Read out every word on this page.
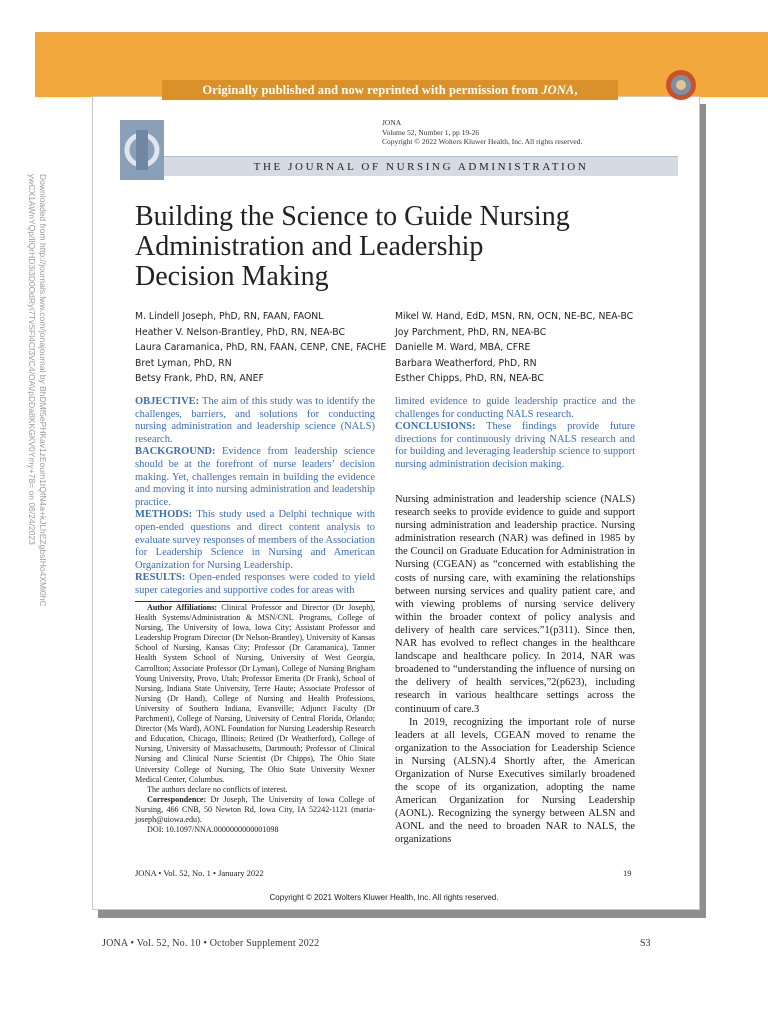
Originally published and now reprinted with permission from JONA, 2022;52(1):19-26.
JONA
Volume 52, Number 1, pp 19-26
Copyright © 2022 Wolters Kluwer Health, Inc. All rights reserved.
THE JOURNAL OF NURSING ADMINISTRATION
Downloaded from http://journals.lww.com/jonajournal by BhDMf5ePHKav1zEoum1tQfN4a+kJLhEZgbsIHo4XMi0hC
ywCX1AWnYQp/IlQrHD3i3D0OdRyi7TvSFl4Cf3VC4/OAVpDDa8KKGKV0Ymy+78= on 08/24/2023	Building the Science to Guide Nursing
Administration and Leadership
Decision Making
M. Lindell Joseph, PhD, RN, FAAN, FAONL
Heather V. Nelson-Brantley, PhD, RN, NEA-BC
Laura Caramanica, PhD, RN, FAAN, CENP, CNE, FACHE
Bret Lyman, PhD, RN
Betsy Frank, PhD, RN, ANEF
Mikel W. Hand, EdD, MSN, RN, OCN, NE-BC, NEA-BC
Joy Parchment, PhD, RN, NEA-BC
Danielle M. Ward, MBA, CFRE
Barbara Weatherford, PhD, RN
Esther Chipps, PhD, RN, NEA-BC
OBJECTIVE: The aim of this study was to identify the challenges, barriers, and solutions for conducting nursing administration and leadership science (NALS) research.
BACKGROUND: Evidence from leadership science should be at the forefront of nurse leaders’ decision making. Yet, challenges remain in building the evidence and moving it into nursing administration and leadership practice.
METHODS: This study used a Delphi technique with open-ended questions and direct content analysis to evaluate survey responses of members of the Association for Leadership Science in Nursing and American Organization for Nursing Leadership.
RESULTS: Open-ended responses were coded to yield super categories and supportive codes for areas with
limited evidence to guide leadership practice and the challenges for conducting NALS research.
CONCLUSIONS: These findings provide future directions for continuously driving NALS research and for building and leveraging leadership science to support nursing administration decision making.

Nursing administration and leadership science (NALS) research seeks to provide evidence to guide and support nursing administration and leadership practice. Nursing administration research (NAR) was defined in 1985 by the Council on Graduate Education for Administration in Nursing (CGEAN) as “concerned with establishing the costs of nursing care, with examining the relationships between nursing services and quality patient care, and with viewing problems of nursing service delivery within the broader context of policy analysis and delivery of health care services.”1(p311). Since then, NAR has evolved to reflect changes in the healthcare landscape and healthcare policy. In 2014, NAR was broadened to “understanding the influence of nursing on the delivery of health services,”2(p623), including research in various healthcare settings across the continuum of care.3

In 2019, recognizing the important role of nurse leaders at all levels, CGEAN moved to rename the organization to the Association for Leadership Science in Nursing (ALSN).4 Shortly after, the American Organization of Nurse Executives similarly broadened the scope of its organization, adopting the name American Organization for Nursing Leadership (AONL). Recognizing the synergy between ALSN and AONL and the need to broaden NAR to NALS, the organizations

Author Affiliations: Clinical Professor and Director (Dr Joseph), Health Systems/Administration & MSN/CNL Programs, College of Nursing, The University of Iowa, Iowa City; Assistant Professor and Leadership Program Director (Dr Nelson-Brantley), University of Kansas School of Nursing, Kansas City; Professor (Dr Caramanica), Tanner Health System School of Nursing, University of West Georgia, Carrollton; Associate Professor (Dr Lyman), College of Nursing Brigham Young University, Provo, Utah; Professor Emerita (Dr Frank), School of Nursing, Indiana State University, Terre Haute; Associate Professor of Nursing (Dr Hand), College of Nursing and Health Professions, University of Southern Indiana, Evansville; Adjunct Faculty (Dr Parchment), College of Nursing, University of Central Florida, Orlando; Director (Ms Ward), AONL Foundation for Nursing Leadership Research and Education, Chicago, Illinois; Retired (Dr Weatherford), College of Nursing, University of Massachusetts, Dartmouth; Professor of Clinical Nursing and Clinical Nurse Scientist (Dr Chipps), The Ohio State University College of Nursing, The Ohio State University Wexner Medical Center, Columbus.

The authors declare no conflicts of interest.

Correspondence: Dr Joseph, The University of Iowa College of Nursing, 466 CNB, 50 Newton Rd, Iowa City, IA 52242-1121 (maria-joseph@uiowa.edu).

DOI: 10.1097/NNA.0000000000001098

JONA • Vol. 52, No. 1 • January 2022	19
Copyright © 2021 Wolters Kluwer Health, Inc. All rights reserved.
JONA • Vol. 52, No. 10 • October Supplement 2022	S3
